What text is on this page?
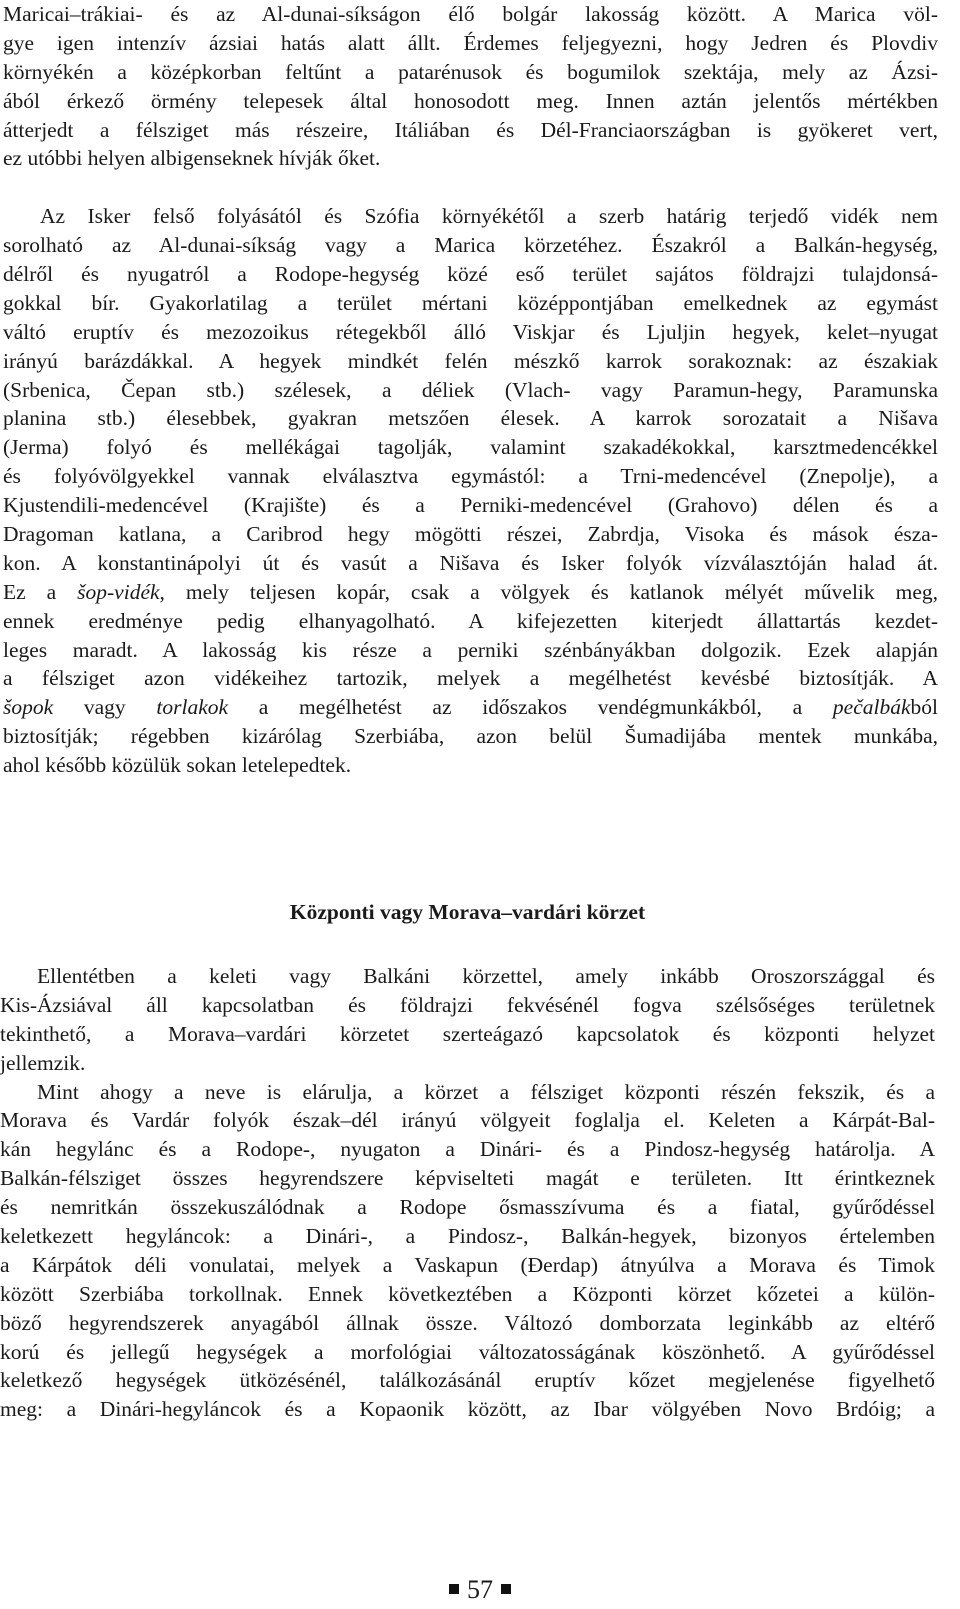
Maricai–trákiai- és az Al-dunai-síkságon élő bolgár lakosság között. A Marica völ-
gye igen intenzív ázsiai hatás alatt állt. Érdemes feljegyezni, hogy Jedren és Plovdiv
környékén a középkorban feltűnt a patarénusok és bogumilok szektája, mely az Ázsi-
ából érkező örmény telepesek által honosodott meg. Innen aztán jelentős mértékben
átterjedt a félsziget más részeire, Itáliában és Dél-Franciaországban is gyökeret vert,
ez utóbbi helyen albigenseknek hívják őket.
Az Isker felső folyásától és Szófia környékétől a szerb határig terjedő vidék nem
sorolható az Al-dunai-síkság vagy a Marica körzetéhez. Északról a Balkán-hegység,
délről és nyugatról a Rodope-hegység közé eső terület sajátos földrajzi tulajdonsá-
gokkal bír. Gyakorlatilag a terület mértani középpontjában emelkednek az egymást
váltó eruptív és mezozoikus rétegekből álló Viskjar és Ljuljin hegyek, kelet–nyugat
irányú barázdákkal. A hegyek mindkét felén mészkő karrok sorakoznak: az északiak
(Srbenica, Čepan stb.) szélesek, a déliek (Vlach- vagy Paramun-hegy, Paramunska
planina stb.) élesebbek, gyakran metszően élesek. A karrok sorozatait a Nišava
(Jerma) folyó és mellékágai tagolják, valamint szakadékokkal, karsztmedencékkel
és folyóvölgyekkel vannak elválasztva egymástól: a Trni-medencével (Znepolje), a
Kjustendili-medencével (Krajište) és a Perniki-medencével (Grahovo) délen és a
Dragoman katlana, a Caribrod hegy mögötti részei, Zabrdja, Visoka és mások észa-
kon. A konstantinápolyi út és vasút a Nišava és Isker folyók vízválasztóján halad át.
Ez a šop-vidék, mely teljesen kopár, csak a völgyek és katlanok mélyét művelik meg,
ennek eredménye pedig elhanyagolható. A kifejezetten kiterjedt állattartás kezdet-
leges maradt. A lakosság kis része a perniki szénbányákban dolgozik. Ezek alapján
a félsziget azon vidékeihez tartozik, melyek a megélhetést kevésbé biztosítják. A
šopok vagy torlakok a megélhetést az időszakos vendégmunkákból, a pečalbákból
biztosítják; régebben kizárólag Szerbiába, azon belül Šumadijába mentek munkába,
ahol később közülük sokan letelepedtek.
Központi vagy Morava–vardári körzet
Ellentétben a keleti vagy Balkáni körzettel, amely inkább Oroszországgal és
Kis-Ázsiával áll kapcsolatban és földrajzi fekvésénél fogva szélsőséges területnek
tekinthető, a Morava–vardári körzetet szerteágazó kapcsolatok és központi helyzet
jellemzik.
Mint ahogy a neve is elárulja, a körzet a félsziget központi részén fekszik, és a
Morava és Vardár folyók észak–dél irányú völgyeit foglalja el. Keleten a Kárpát-Bal-
kán hegylánc és a Rodope-, nyugaton a Dinári- és a Pindosz-hegység határolja. A
Balkán-félsziget összes hegyrendszere képviselteti magát e területen. Itt érintkeznek
és nemritkán összekuszálódnak a Rodope ősmasszívuma és a fiatal, gyűrődéssel
keletkezett hegyláncok: a Dinári-, a Pindosz-, Balkán-hegyek, bizonyos értelemben
a Kárpátok déli vonulatai, melyek a Vaskapun (Đerdap) átnyúlva a Morava és Timok
között Szerbiába torkollnak. Ennek következtében a Központi körzet kőzetei a külön-
böző hegyrendszerek anyagából állnak össze. Változó domborzata leginkább az eltérő
korú és jellegű hegységek a morfológiai változatosságának köszönhető. A gyűrődéssel
keletkező hegységek ütközésénél, találkozásánál eruptív kőzet megjelenése figyelhető
meg: a Dinári-hegyláncok és a Kopaonik között, az Ibar völgyében Novo Brdóig; a
57
